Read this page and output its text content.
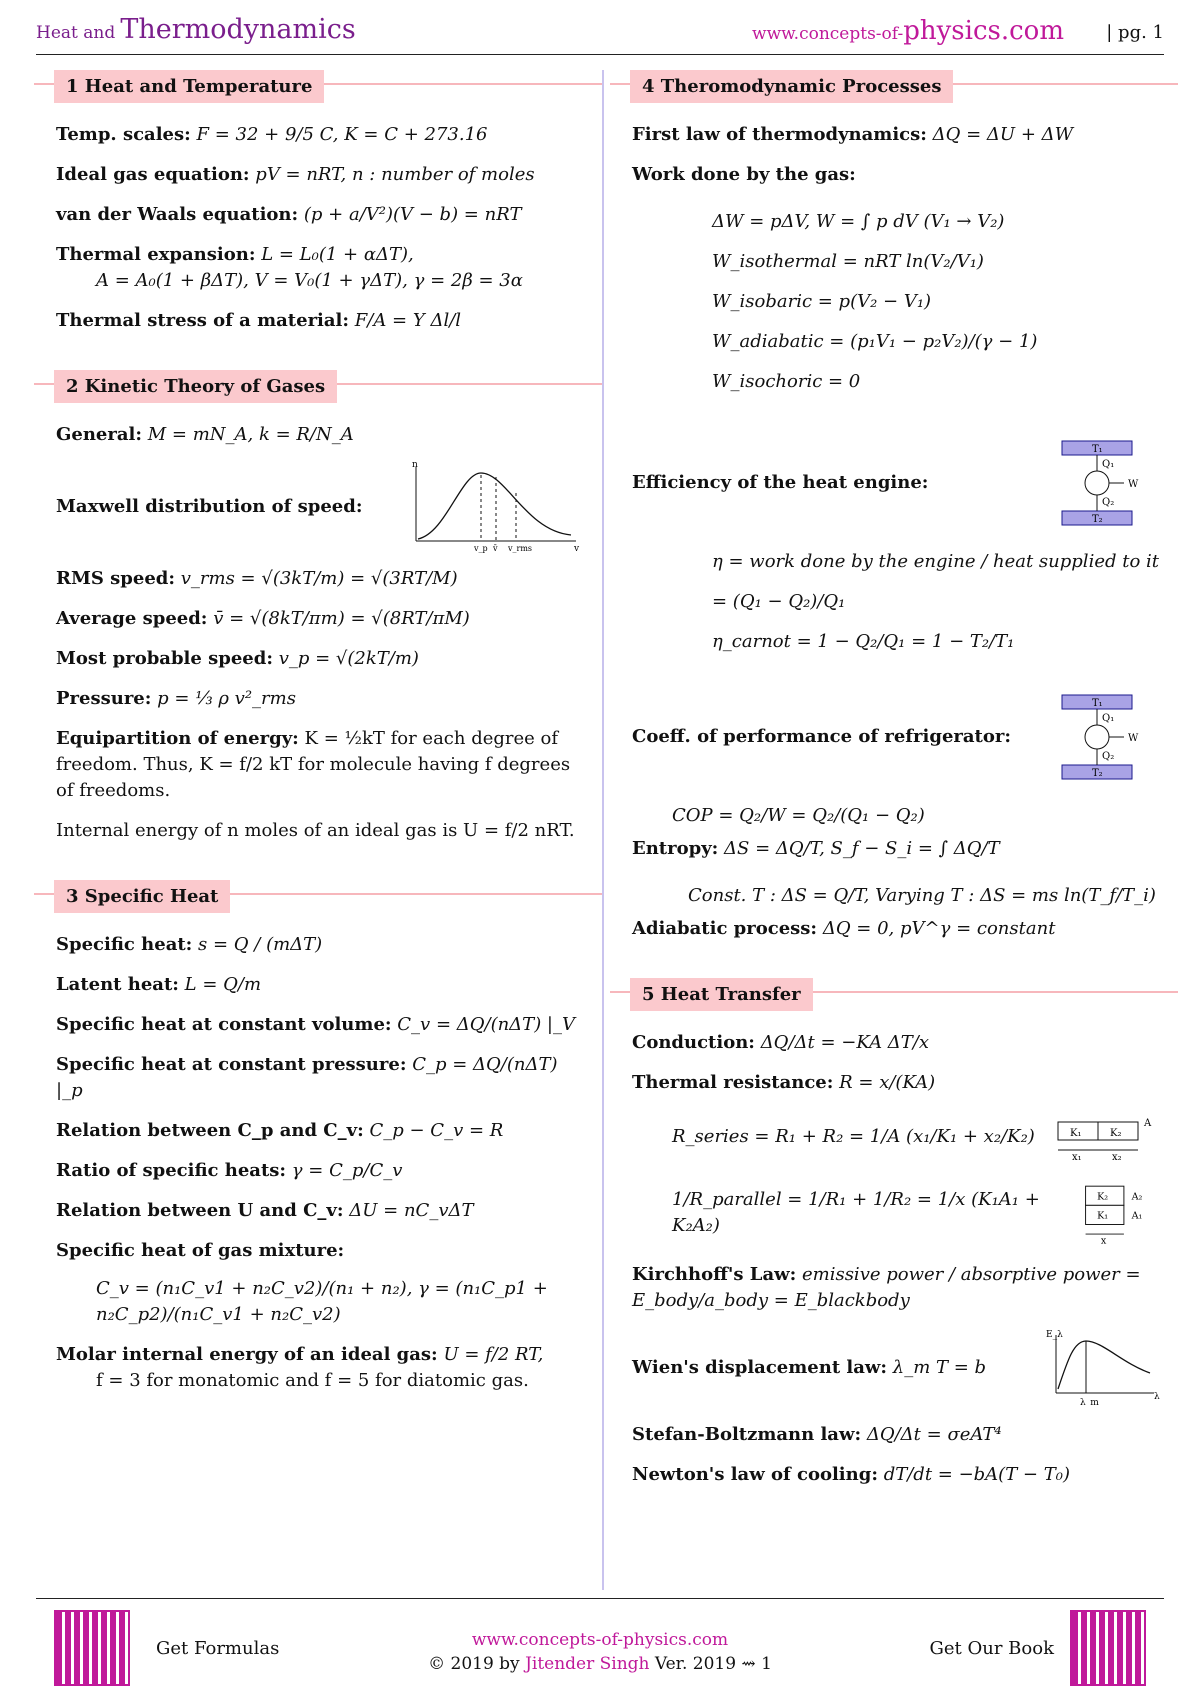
Heat and Thermodynamics	www.concepts-of-physics.com | pg. 1
1 Heat and Temperature
Temp. scales: F = 32 + 9/5 C, K = C + 273.16
Ideal gas equation: pV = nRT, n : number of moles
van der Waals equation: (p + a/V²)(V − b) = nRT
Thermal expansion: L = L₀(1 + αΔT),
A = A₀(1 + βΔT), V = V₀(1 + γΔT), γ = 2β = 3α
Thermal stress of a material: F/A = Y Δl/l
2 Kinetic Theory of Gases
General: M = mN_A, k = R/N_A
Maxwell distribution of speed:
n
v
v_p v̄ v_rms
RMS speed: v_rms = √(3kT/m) = √(3RT/M)
Average speed: v̄ = √(8kT/πm) = √(8RT/πM)
Most probable speed: v_p = √(2kT/m)
Pressure: p = ⅓ ρ v²_rms
Equipartition of energy: K = ½kT for each degree of freedom. Thus, K = f/2 kT for molecule having f degrees of freedoms.
Internal energy of n moles of an ideal gas is U = f/2 nRT.
3 Specific Heat
Specific heat: s = Q / (mΔT)
Latent heat: L = Q/m
Specific heat at constant volume: C_v = ΔQ/(nΔT) |_V
Specific heat at constant pressure: C_p = ΔQ/(nΔT) |_p
Relation between C_p and C_v: C_p − C_v = R
Ratio of specific heats: γ = C_p/C_v
Relation between U and C_v: ΔU = nC_vΔT
Specific heat of gas mixture:

C_v = (n₁C_v1 + n₂C_v2)/(n₁ + n₂), γ = (n₁C_p1 + n₂C_p2)/(n₁C_v1 + n₂C_v2)
Molar internal energy of an ideal gas: U = f/2 RT,
f = 3 for monatomic and f = 5 for diatomic gas.
4 Theromodynamic Processes
First law of thermodynamics: ΔQ = ΔU + ΔW
Work done by the gas:
ΔW = pΔV, W = ∫ p dV (V₁ → V₂)
W_isothermal = nRT ln(V₂/V₁)
W_isobaric = p(V₂ − V₁)
W_adiabatic = (p₁V₁ − p₂V₂)/(γ − 1)
W_isochoric = 0
Efficiency of the heat engine:
T₁
Q₁
W
Q₂
T₂
η = work done by the engine / heat supplied to it = (Q₁ − Q₂)/Q₁
η_carnot = 1 − Q₂/Q₁ = 1 − T₂/T₁
Coeff. of performance of refrigerator:
T₁
Q₁
W
Q₂
T₂
COP = Q₂/W = Q₂/(Q₁ − Q₂)
Entropy: ΔS = ΔQ/T, S_f − S_i = ∫ ΔQ/T
Const. T : ΔS = Q/T, Varying T : ΔS = ms ln(T_f/T_i)
Adiabatic process: ΔQ = 0, pV^γ = constant
5 Heat Transfer
Conduction: ΔQ/Δt = −KA ΔT/x
Thermal resistance: R = x/(KA)
R_series = R₁ + R₂ = 1/A (x₁/K₁ + x₂/K₂)	K₁	K₂
A
x₁	x₂
1/R_parallel = 1/R₁ + 1/R₂ = 1/x (K₁A₁ + K₂A₂)
K₂
K₁
A₂
A₁
x
Kirchhoff's Law: emissive power / absorptive power = E_body/a_body = E_blackbody
Wien's displacement law: λ_m T = b
E_λ
λ
λ_m
Stefan-Boltzmann law: ΔQ/Δt = σeAT⁴
Newton's law of cooling: dT/dt = −bA(T − T₀)
Get Formulas	www.concepts-of-physics.com
© 2019 by Jitender Singh Ver. 2019 ⇝ 1
Get Our Book
